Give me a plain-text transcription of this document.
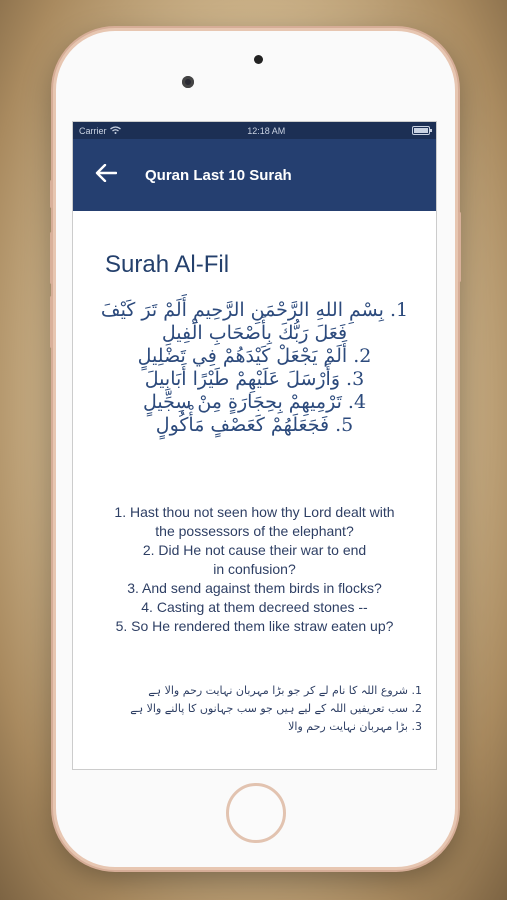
Carrier	12:18 AM
Quran Last 10 Surah
Surah Al-Fil
1. بِسْمِ اللهِ الرَّحْمَنِ الرَّحِيمِ أَلَمْ تَرَ كَيْفَ
فَعَلَ رَبُّكَ بِأَصْحَابِ الْفِيلِ
2. أَلَمْ يَجْعَلْ كَيْدَهُمْ فِي تَضْلِيلٍ
3. وَأَرْسَلَ عَلَيْهِمْ طَيْرًا أَبَابِيلَ
4. تَرْمِيهِمْ بِحِجَارَةٍ مِنْ سِجِّيلٍ
5. فَجَعَلَهُمْ كَعَصْفٍ مَأْكُولٍ
1. Hast thou not seen how thy Lord dealt with
the possessors of the elephant?
2. Did He not cause their war to end
in confusion?
3. And send against them birds in flocks?
4. Casting at them decreed stones --
5. So He rendered them like straw eaten up?
1. شروع اللہ کا نام لے کر جو بڑا مہربان نہایت رحم والا ہے
2. سب تعریفیں اللہ کے لیے ہیں جو سب جہانوں کا پالنے والا ہے
3. بڑا مہربان نہایت رحم والا
